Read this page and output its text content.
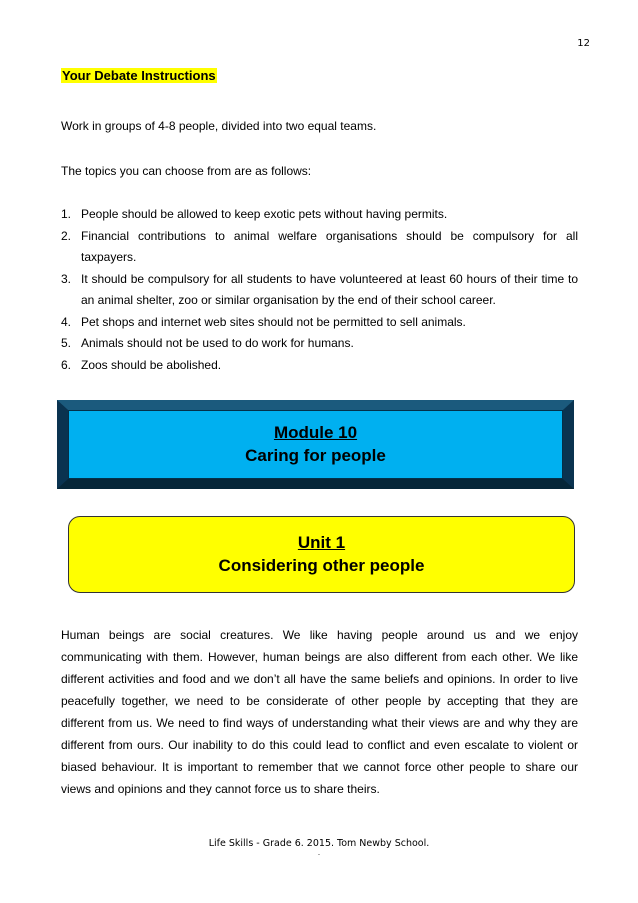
12
Your Debate Instructions
Work in groups of 4-8 people, divided into two equal teams.
The topics you can choose from are as follows:
1. People should be allowed to keep exotic pets without having permits.
2. Financial contributions to animal welfare organisations should be compulsory for all taxpayers.
3. It should be compulsory for all students to have volunteered at least 60 hours of their time to an animal shelter, zoo or similar organisation by the end of their school career.
4. Pet shops and internet web sites should not be permitted to sell animals.
5. Animals should not be used to do work for humans.
6. Zoos should be abolished.
Module 10
Caring for people
Unit 1
Considering other people

Human beings are social creatures. We like having people around us and we enjoy communicating with them. However, human beings are also different from each other. We like different activities and food and we don’t all have the same beliefs and opinions. In order to live peacefully together, we need to be considerate of other people by accepting that they are different from us. We need to find ways of understanding what their views are and why they are different from ours. Our inability to do this could lead to conflict and even escalate to violent or biased behaviour. It is important to remember that we cannot force other people to share our views and opinions and they cannot force us to share theirs.

Life Skills - Grade 6. 2015. Tom Newby School.
.
